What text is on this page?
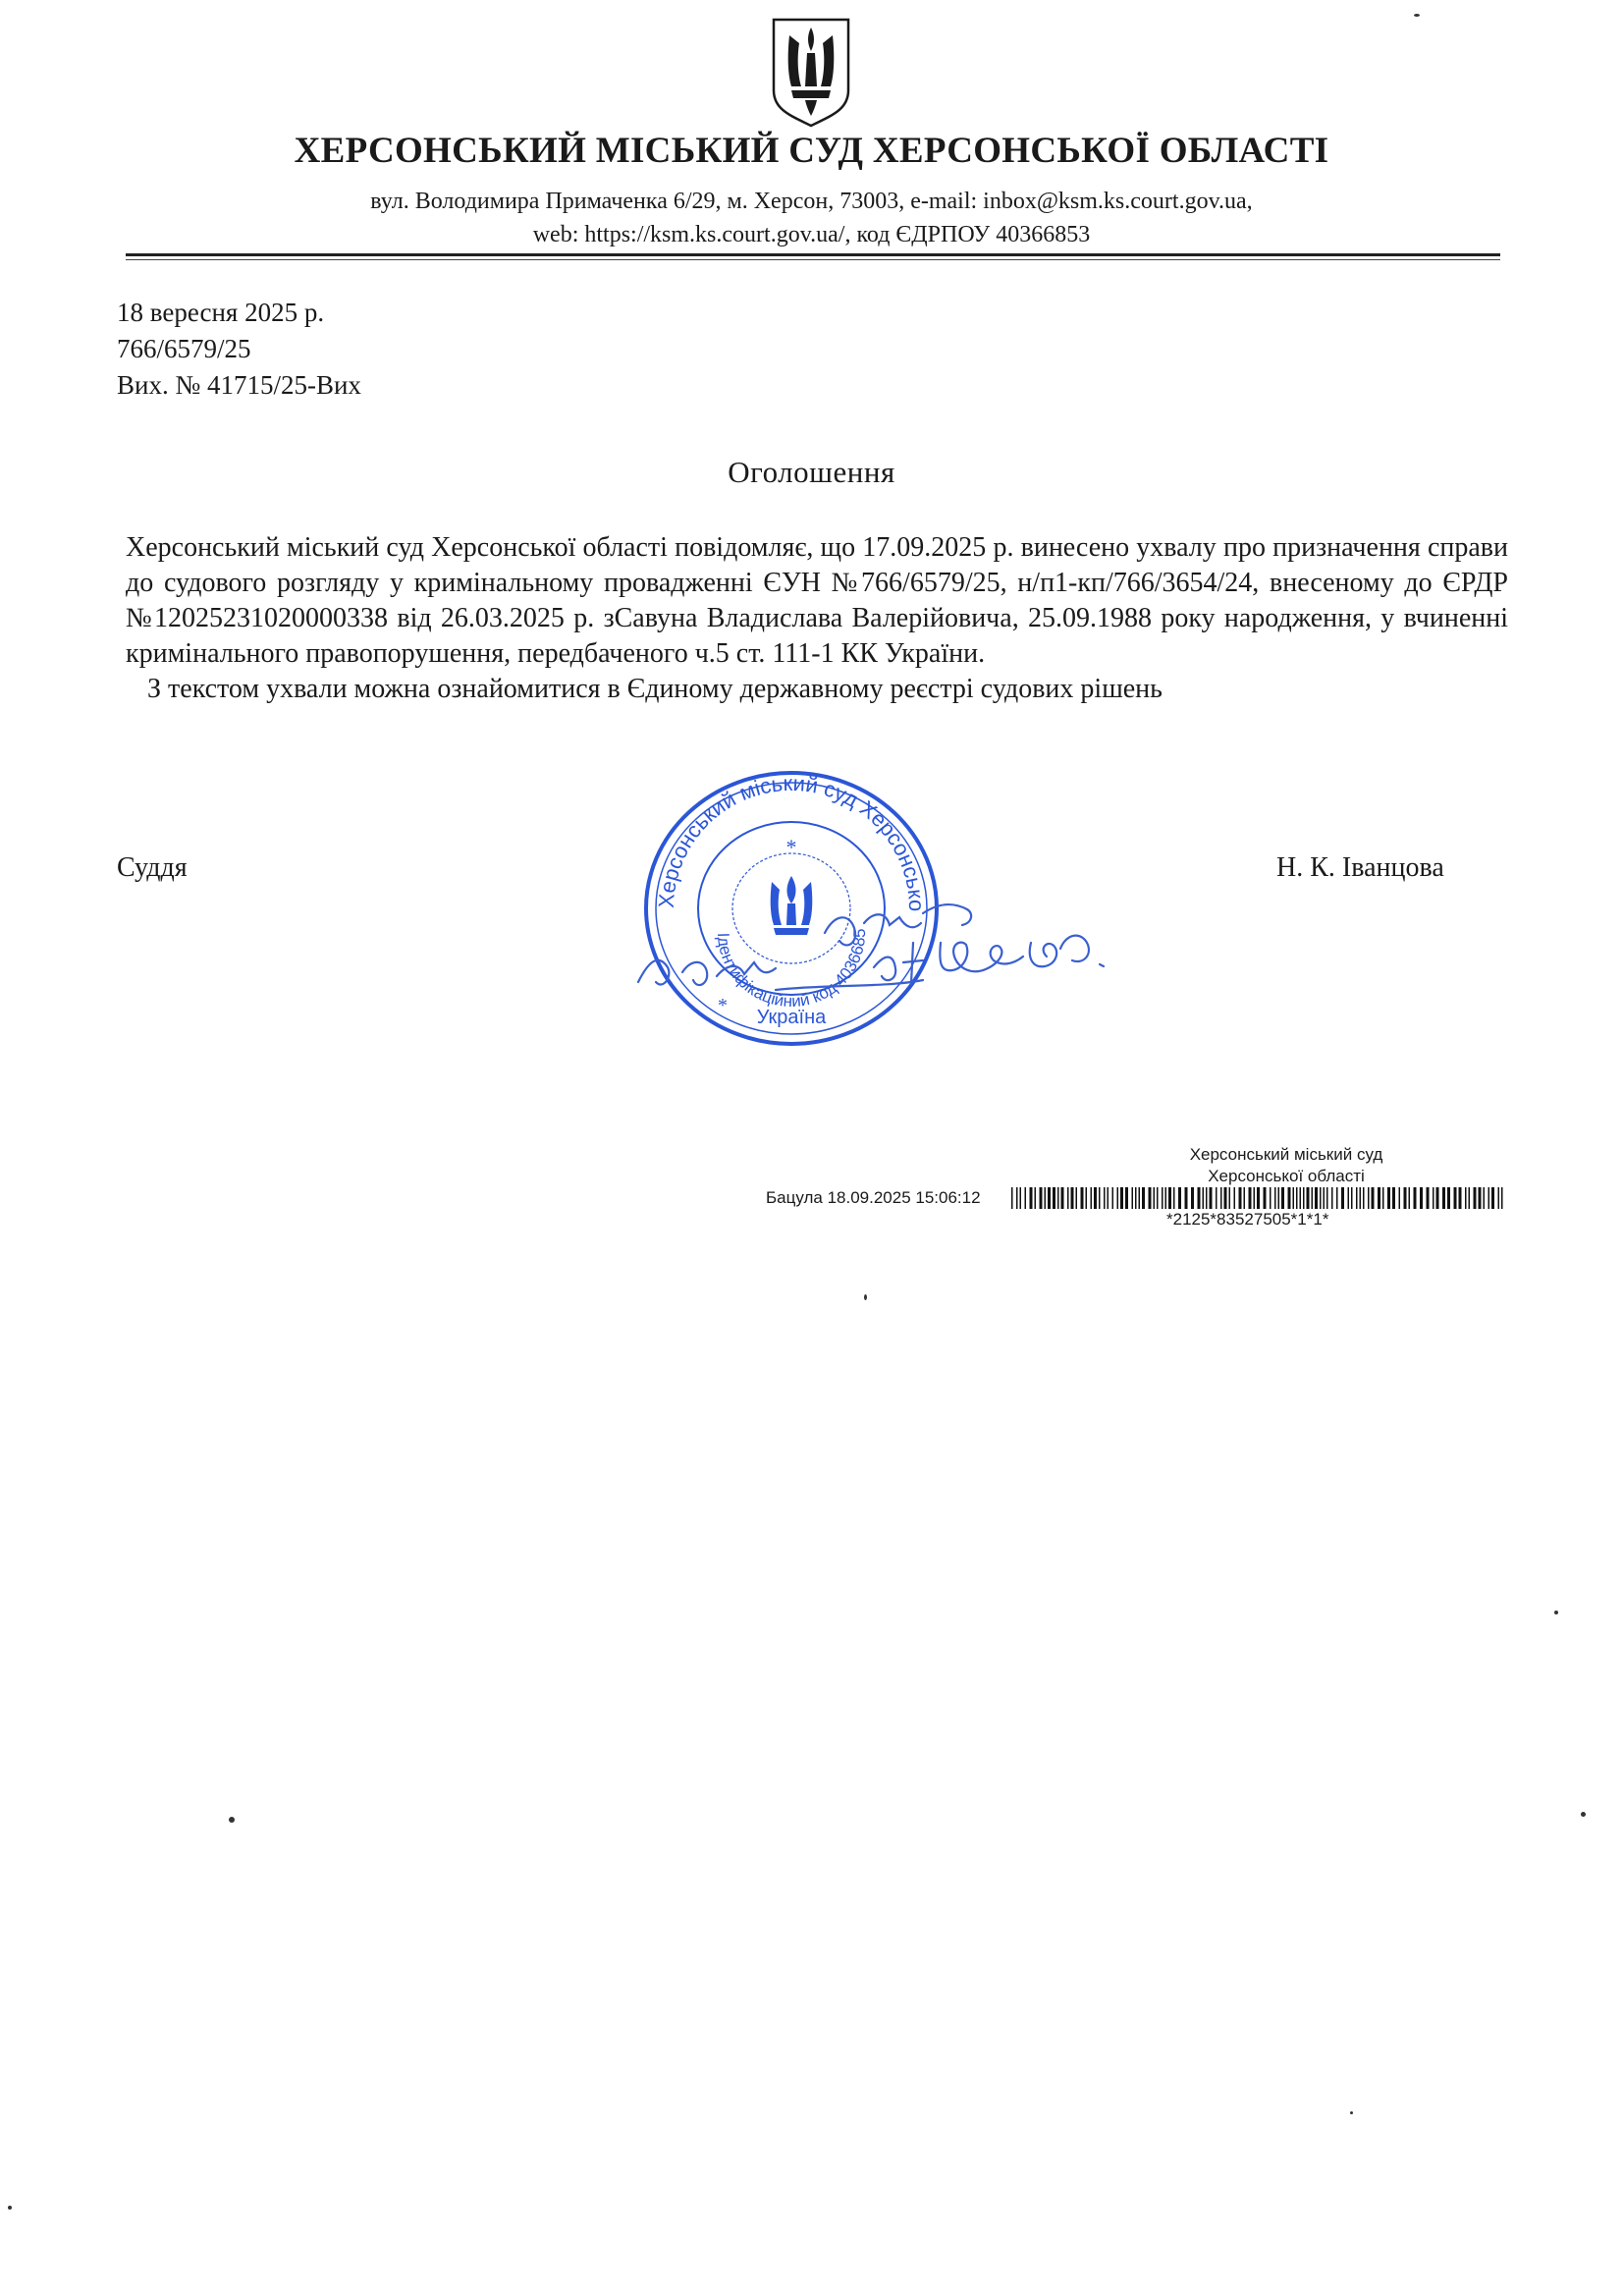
ХЕРСОНСЬКИЙ МІСЬКИЙ СУД ХЕРСОНСЬКОЇ ОБЛАСТІ
вул. Володимира Примаченка 6/29, м. Херсон, 73003, e-mail: inbox@ksm.ks.court.gov.ua,
web: https://ksm.ks.court.gov.ua/, код ЄДРПОУ 40366853
18 вересня 2025 р.
766/6579/25
Вих. № 41715/25-Вих
Оголошення

Херсонський міський суд Херсонської області повідомляє, що 17.09.2025 р. винесено ухвалу про призначення справи до судового розгляду у кримінальному провадженні ЄУН №766/6579/25, н/п1-кп/766/3654/24, внесеному до ЄРДР №12025231020000338 від 26.03.2025 р. зСавуна Владислава Валерійовича, 25.09.1988 року народження, у вчиненні кримінального правопорушення, передбаченого ч.5 ст. 111-1 КК України.

З текстом ухвали можна ознайомитися в Єдиному державному реєстрі судових рішень

Суддя	Н. К. Іванцова
Херсонський міський суд Херсонсько
Ідентифікаційний код 4036685
Україна
*
*
Херсонський міський суд
Херсонської області
Бацула 18.09.2025 15:06:12
*2125*83527505*1*1*
